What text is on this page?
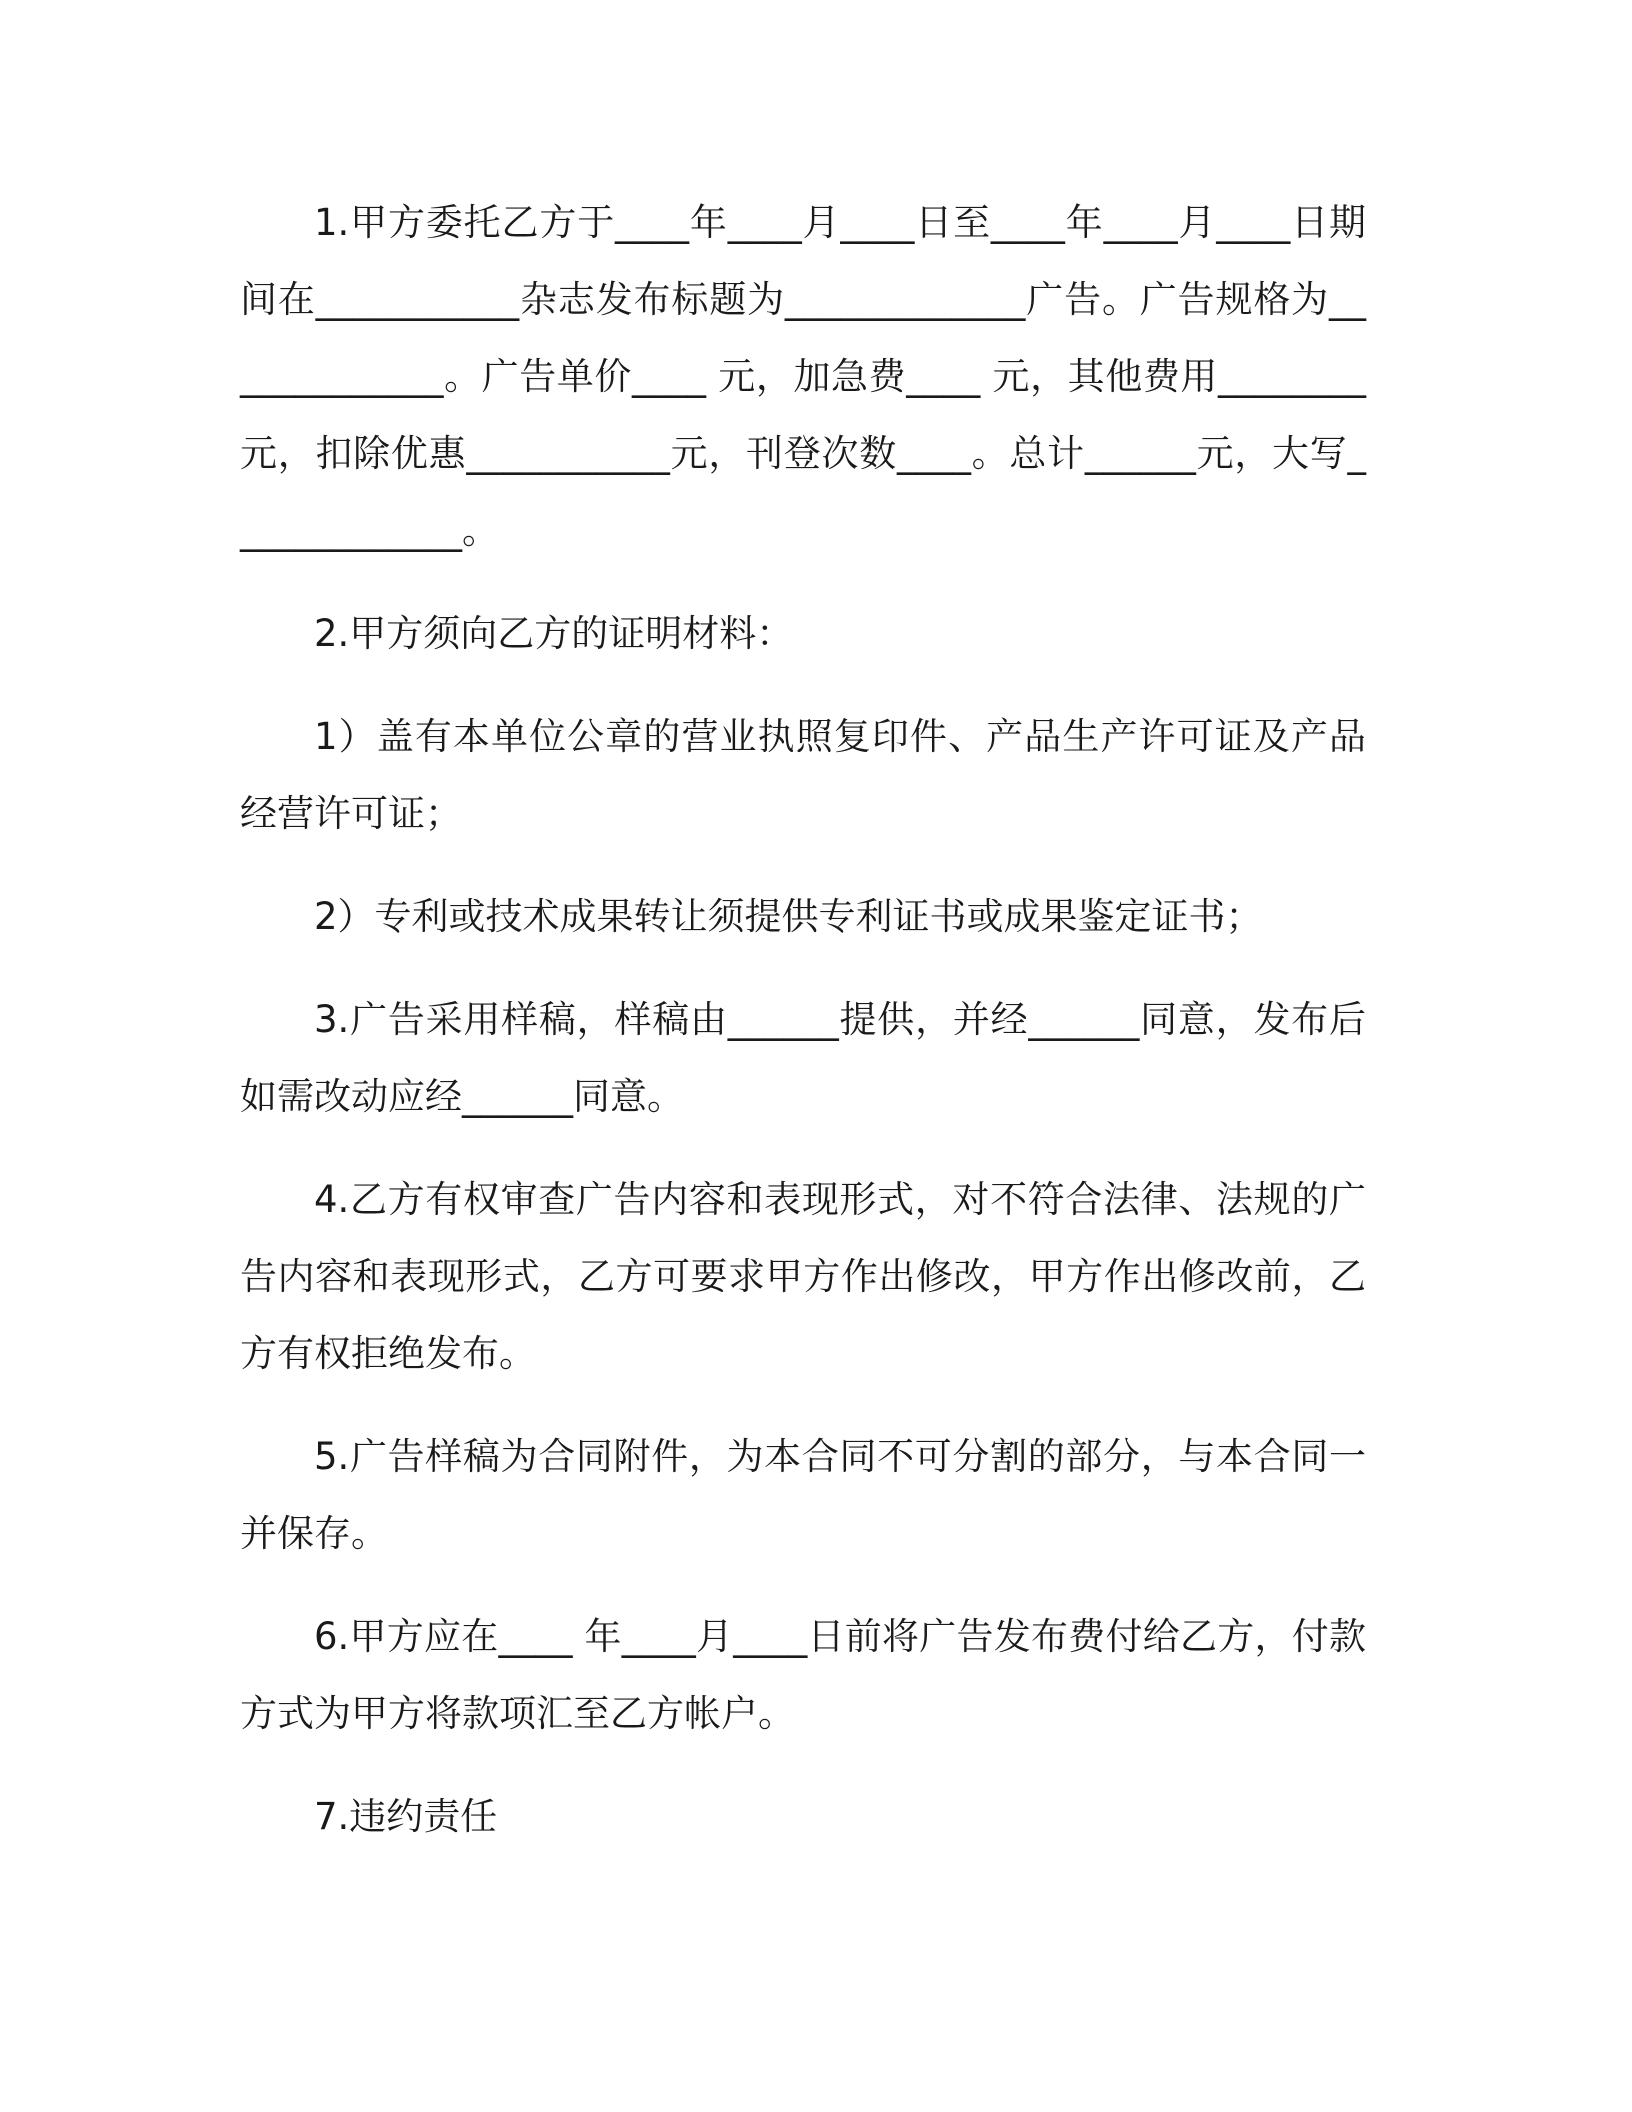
1.甲方委托乙方于____年____月____日至____年____月____日期间在___________杂志发布标题为_____________广告。广告规格为_____________。广告单价____ 元，加急费____ 元，其他费用________元，扣除优惠___________元，刊登次数____。总计______元，大写_____________。

2.甲方须向乙方的证明材料：

1）盖有本单位公章的营业执照复印件、产品生产许可证及产品经营许可证；

2）专利或技术成果转让须提供专利证书或成果鉴定证书；

3.广告采用样稿，样稿由______提供，并经______同意，发布后如需改动应经______同意。

4.乙方有权审查广告内容和表现形式，对不符合法律、法规的广告内容和表现形式，乙方可要求甲方作出修改，甲方作出修改前，乙方有权拒绝发布。

5.广告样稿为合同附件，为本合同不可分割的部分，与本合同一并保存。

6.甲方应在____ 年____月____日前将广告发布费付给乙方，付款方式为甲方将款项汇至乙方帐户。

7.违约责任
